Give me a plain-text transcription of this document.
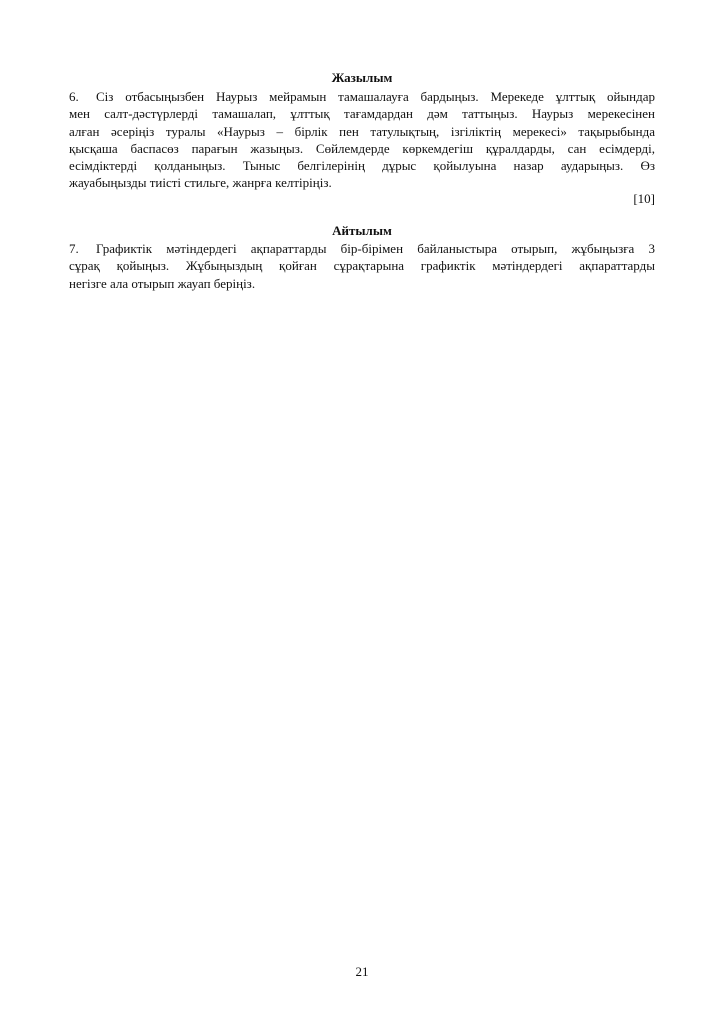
Жазылым
6. Сіз отбасыңызбен Наурыз мейрамын тамашалауға бардыңыз. Мерекеде ұлттық ойындар
мен салт-дәстүрлерді тамашалап, ұлттық тағамдардан дәм таттыңыз. Наурыз мерекесінен
алған әсеріңіз туралы «Наурыз – бірлік пен татулықтың, ізгіліктің мерекесі» тақырыбында
қысқаша баспасөз парағын жазыңыз. Сөйлемдерде көркемдегіш құралдарды, сан есімдерді,
есімдіктерді қолданыңыз. Тыныс белгілерінің дұрыс қойылуына назар аударыңыз. Өз
жауабыңызды тиісті стильге, жанрға келтіріңіз.
[10]
Айтылым
7. Графиктік мәтіндердегі ақпараттарды бір-бірімен байланыстыра отырып, жұбыңызға 3
сұрақ қойыңыз. Жұбыңыздың қойған сұрақтарына графиктік мәтіндердегі ақпараттарды
негізге ала отырып жауап беріңіз.
21
